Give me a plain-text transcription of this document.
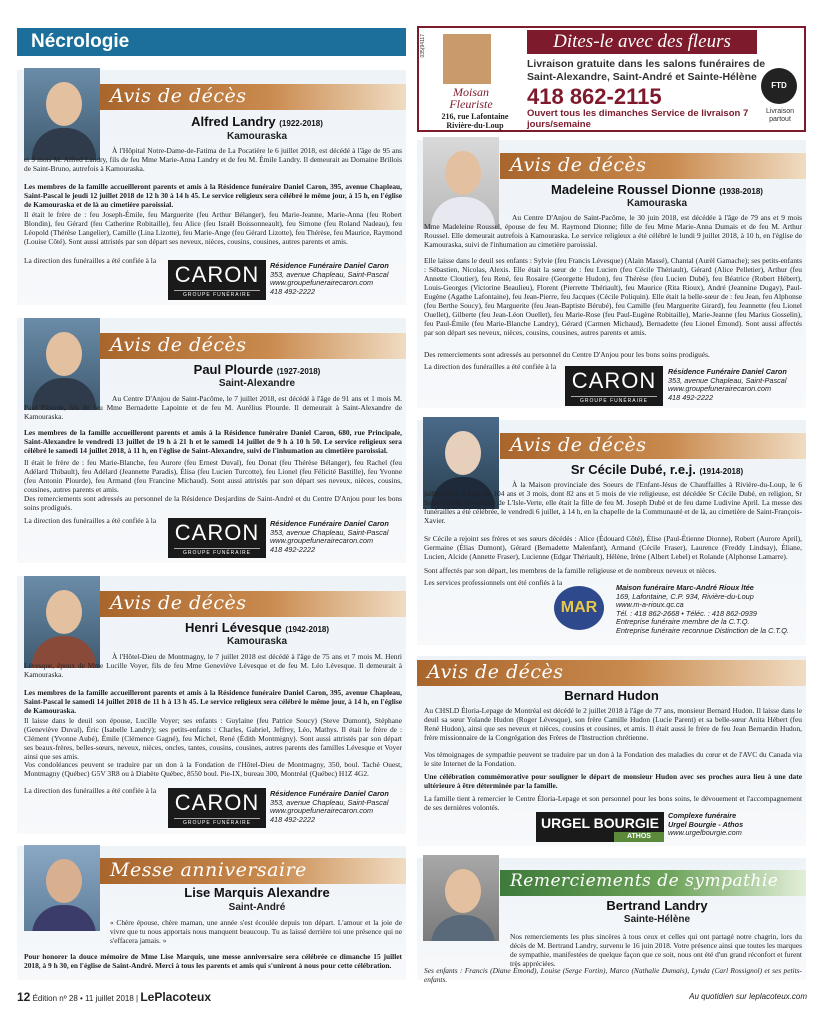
Nécrologie	035(94117
Moisan Fleuriste
216, rue Lafontaine Rivière-du-Loup
Dites-le avec des fleurs
Livraison gratuite dans les salons funéraires de Saint-Alexandre, Saint-André et Sainte-Hélène
418 862-2115
Ouvert tous les dimanches Service de livraison 7 jours/semaine
FTD
Livraison partout
Avis de décès
Alfred Landry (1922-2018)
Kamouraska
À l'Hôpital Notre-Dame-de-Fatima de La Pocatière le 6 juillet 2018, est décédé à l'âge de 95 ans et 9 mois M. Alfred Landry, fils de feu Mme Marie-Anna Landry et de feu M. Émile Landry. Il demeurait au Domaine Brillois de Saint-Bruno, autrefois à Kamouraska.
Les membres de la famille accueilleront parents et amis à la Résidence funéraire Daniel Caron, 395, avenue Chapleau, Saint-Pascal le jeudi 12 juillet 2018 de 12 h 30 à 14 h 45. Le service religieux sera célébré le même jour, à 15 h, en l'église de Kamouraska et de là au cimetière paroissial.
Il était le frère de : feu Joseph-Émile, feu Marguerite (feu Arthur Bélanger), feu Marie-Jeanne, Marie-Anna (feu Robert Blondin), feu Gérard (feu Catherine Robitaille), feu Alice (feu Israël Boissonneault), feu Simone (feu Roland Nadeau), feu Léopold (Thérèse Langelier), Camille (Lina Lizotte), feu Marie-Ange (feu Gérard Lizotte), feu Thérèse, feu Maurice, Raymond (Louise Côté). Sont aussi attristés par son départ ses neveux, nièces, cousins, cousines, autres parents et amis.
La direction des funérailles a été confiée à la
CARON
GROUPE FUNÉRAIRE
Résidence Funéraire Daniel Caron
353, avenue Chapleau, Saint-Pascal
www.groupefunerairecaron.com
418 492-2222
Avis de décès
Paul Plourde (1927-2018)
Saint-Alexandre
Au Centre D'Anjou de Saint-Pacôme, le 7 juillet 2018, est décédé à l'âge de 91 ans et 1 mois M. Paul Plourde, fils de feu Mme Bernadette Lapointe et de feu M. Aurélius Plourde. Il demeurait à Saint-Alexandre de Kamouraska.
Les membres de la famille accueilleront parents et amis à la Résidence funéraire Daniel Caron, 680, rue Principale, Saint-Alexandre le vendredi 13 juillet de 19 h à 21 h et le samedi 14 juillet de 9 h à 10 h 50. Le service religieux sera célébré le samedi 14 juillet 2018, à 11 h, en l'église de Saint-Alexandre, suivi de l'inhumation au cimetière paroissial.
Il était le frère de : feu Marie-Blanche, feu Aurore (feu Ernest Duval), feu Donat (feu Thérèse Bélanger), feu Rachel (feu Adélard Thibault), feu Adélard (Jeannette Paradis), Élisa (feu Lucien Turcotte), feu Lionel (feu Félicité Bastille), feu Yvonne (feu Antonin Plourde), feu Armand (feu Francine Michaud). Sont aussi attristés par son départ ses neveux, nièces, cousins, cousines, autres parents et amis.
Des remerciements sont adressés au personnel de la Résidence Desjardins de Saint-André et du Centre D'Anjou pour les bons soins prodigués.
La direction des funérailles a été confiée à la CARON
GROUPE FUNÉRAIRE
Résidence Funéraire Daniel Caron
353, avenue Chapleau, Saint-Pascal
www.groupefunerairecaron.com
418 492-2222
Avis de décès
Henri Lévesque (1942-2018)
Kamouraska
À l'Hôtel-Dieu de Montmagny, le 7 juillet 2018 est décédé à l'âge de 75 ans et 7 mois M. Henri Lévesque, époux de Mme Lucille Voyer, fils de feu Mme Geneviève Lévesque et de feu M. Léo Lévesque. Il demeurait à Kamouraska.
Les membres de la famille accueilleront parents et amis à la Résidence funéraire Daniel Caron, 395, avenue Chapleau, Saint-Pascal le samedi 14 juillet 2018 de 11 h à 13 h 45. Le service religieux sera célébré le même jour, à 14 h, en l'église de Kamouraska.
Il laisse dans le deuil son épouse, Lucille Voyer; ses enfants : Guylaine (feu Patrice Soucy) (Steve Dumont), Stéphane (Geneviève Duval), Éric (Isabelle Landry); ses petits-enfants : Charles, Gabriel, Jeffrey, Léo, Mathys. Il était le frère de : Clément (Yvonne Aubé), Émile (Clémence Gagné), feu Michel, René (Édith Montmigny). Sont aussi attristés par son départ ses beaux-frères, belles-sœurs, neveux, nièces, oncles, tantes, cousins, cousines, autres parents des familles Lévesque et Voyer ainsi que ses amis.
Vos condoléances peuvent se traduire par un don à la Fondation de l'Hôtel-Dieu de Montmagny, 350, boul. Taché Ouest, Montmagny (Québec) G5V 3R8 ou à Diabète Québec, 8550 boul. Pie-IX, bureau 300, Montréal (Québec) H1Z 4G2.
La direction des funérailles a été confiée à la CARON
GROUPE FUNÉRAIRE
Résidence Funéraire Daniel Caron
353, avenue Chapleau, Saint-Pascal
www.groupefunerairecaron.com
418 492-2222
Messe anniversaire
Lise Marquis Alexandre
Saint-André
« Chère épouse, chère maman, une année s'est écoulée depuis ton départ. L'amour et la joie de vivre que tu nous apportais nous manquent beaucoup. Tu as laissé derrière toi une présence qui ne s'effacera jamais. »
Pour honorer la douce mémoire de Mme Lise Marquis, une messe anniversaire sera célébrée ce dimanche 15 juillet 2018, à 9 h 30, en l'église de Saint-André. Merci à tous les parents et amis qui s'uniront à nous pour cette célébration.
Avis de décès
Madeleine Roussel Dionne (1938-2018)
Kamouraska
Au Centre D'Anjou de Saint-Pacôme, le 30 juin 2018, est décédée à l'âge de 79 ans et 9 mois Mme Madeleine Roussel, épouse de feu M. Raymond Dionne; fille de feu Mme Marie-Anna Dumais et de feu M. Arthur Roussel. Elle demeurait autrefois à Kamouraska. Le service religieux a été célébré le lundi 9 juillet 2018, à 10 h, en l'église de Kamouraska, suivi de l'inhumation au cimetière paroissial.
Elle laisse dans le deuil ses enfants : Sylvie (feu Francis Lévesque) (Alain Massé), Chantal (Aurèl Gamache); ses petits-enfants : Sébastien, Nicolas, Alexis. Elle était la sœur de : feu Lucien (feu Cécile Thériault), Gérard (Alice Pelletier), Arthur (feu Annette Cloutier), feu René, feu Rosaire (Georgette Hudon), feu Thérèse (feu Lucien Dubé), feu Béatrice (Robert Hébert), Louis-Georges (Victorine Beaulieu), Florent (Pierrette Thériault), feu Maurice (Rita Rioux), André (Jeannine Dugay), Paul-Eugène (Agathe Lafontaine), feu Jean-Pierre, feu Jacques (Cécile Poliquin). Elle était la belle-sœur de : feu Jean, feu Alphonse (feu Berthe Soucy), feu Marguerite (feu Jean-Baptiste Bérubé), feu Camille (feu Marguerite Girard), feu Jeannette (feu Lionel Ouellet), Gilberte (feu Jean-Léon Ouellet), feu Marie-Rose (feu Paul-Eugène Robitaille), Marie-Jeanne (feu Marius Gosselin), feu Paul-Émile (feu Marie-Blanche Landry), Gérard (Carmen Michaud), Bernadette (feu Lionel Émond). Sont aussi affectés par son départ ses neveux, nièces, cousins, cousines, autres parents et amis.
Des remerciements sont adressés au personnel du Centre D'Anjou pour les bons soins prodigués.
La direction des funérailles a été confiée à la
CARON
GROUPE FUNÉRAIRE
Résidence Funéraire Daniel Caron
353, avenue Chapleau, Saint-Pascal
www.groupefunerairecaron.com
418 492-2222
Avis de décès
Sr Cécile Dubé, r.e.j. (1914-2018)
À la Maison provinciale des Soeurs de l'Enfant-Jésus de Chauffailles à Rivière-du-Loup, le 6 juillet 2018, à l'âge de 104 ans et 3 mois, dont 82 ans et 5 mois de vie religieuse, est décédée Sr Cécile Dubé, en religion, Sr Saint-Benoît. Originaire de L'Isle-Verte, elle était la fille de feu M. Joseph Dubé et de feu dame Ludivine April. La messe des funérailles a été célébrée, le vendredi 6 juillet, à 14 h, en la chapelle de la Communauté et de là, au cimetière de Saint-François-Xavier.
Sr Cécile a rejoint ses frères et ses sœurs décédés : Alice (Édouard Côté), Élise (Paul-Étienne Dionne), Robert (Aurore April), Germaine (Élias Dumont), Gérard (Bernadette Malenfant), Armand (Cécile Fraser), Laurence (Freddy Lindsay), Éliane, Lucien, Alcide (Annette Fraser), Lucienne (Edgar Thériault), Hélène, Irène (Albert Lebel) et Rolande (Alphonse Lamarre).
Sont affectés par son départ, les membres de la famille religieuse et de nombreux neveux et nièces.
Les services professionnels ont été confiés à la
MAR
Maison funéraire Marc-André Rioux ltée
169, Lafontaine, C.P. 934, Rivière-du-Loup
www.m-a-rioux.qc.ca
Tél. : 418 862-2668 • Téléc. : 418 862-0939
Entreprise funéraire membre de la C.T.Q.
Entreprise funéraire reconnue Distinction de la C.T.Q.
Avis de décès
Bernard Hudon
Au CHSLD Éloria-Lepage de Montréal est décédé le 2 juillet 2018 à l'âge de 77 ans, monsieur Bernard Hudon. Il laisse dans le deuil sa sœur Yolande Hudon (Roger Lévesque), son frère Camille Hudon (Lucie Parent) et sa belle-sœur Anita Hébert (feu René Hudon), ainsi que ses neveux et nièces, cousins et cousines, et amis. Il était aussi le frère de feu Jean Bernardin Hudon, frère missionnaire de la Congrégation des Frères de l'Instruction chrétienne.
Vos témoignages de sympathie peuvent se traduire par un don à la Fondation des maladies du cœur et de l'AVC du Canada via le site Internet de la Fondation.
Une célébration commémorative pour souligner le départ de monsieur Hudon avec ses proches aura lieu à une date ultérieure à être déterminée par la famille.
La famille tient à remercier le Centre Éloria-Lepage et son personnel pour les bons soins, le dévouement et l'accompagnement de ses dernières volontés.
URGEL BOURGIE
ATHOS
Complexe funéraire
Urgel Bourgie - Athos
www.urgelbourgie.com
Remerciements de sympathie
Bertrand Landry
Sainte-Hélène
Nos remerciements les plus sincères à tous ceux et celles qui ont partagé notre chagrin, lors du décès de M. Bertrand Landry, survenu le 16 juin 2018. Votre présence ainsi que toutes les marques de sympathie, manifestées de quelque façon que ce soit, nous ont été d'un grand réconfort et furent très appréciées.
Ses enfants : Francis (Diane Émond), Louise (Serge Fortin), Marco (Nathalie Dumais), Lynda (Carl Rossignol) et ses petits-enfants.
12 Édition nº 28 • 11 juillet 2018 | LePlacoteux	Au quotidien sur leplacoteux.com
